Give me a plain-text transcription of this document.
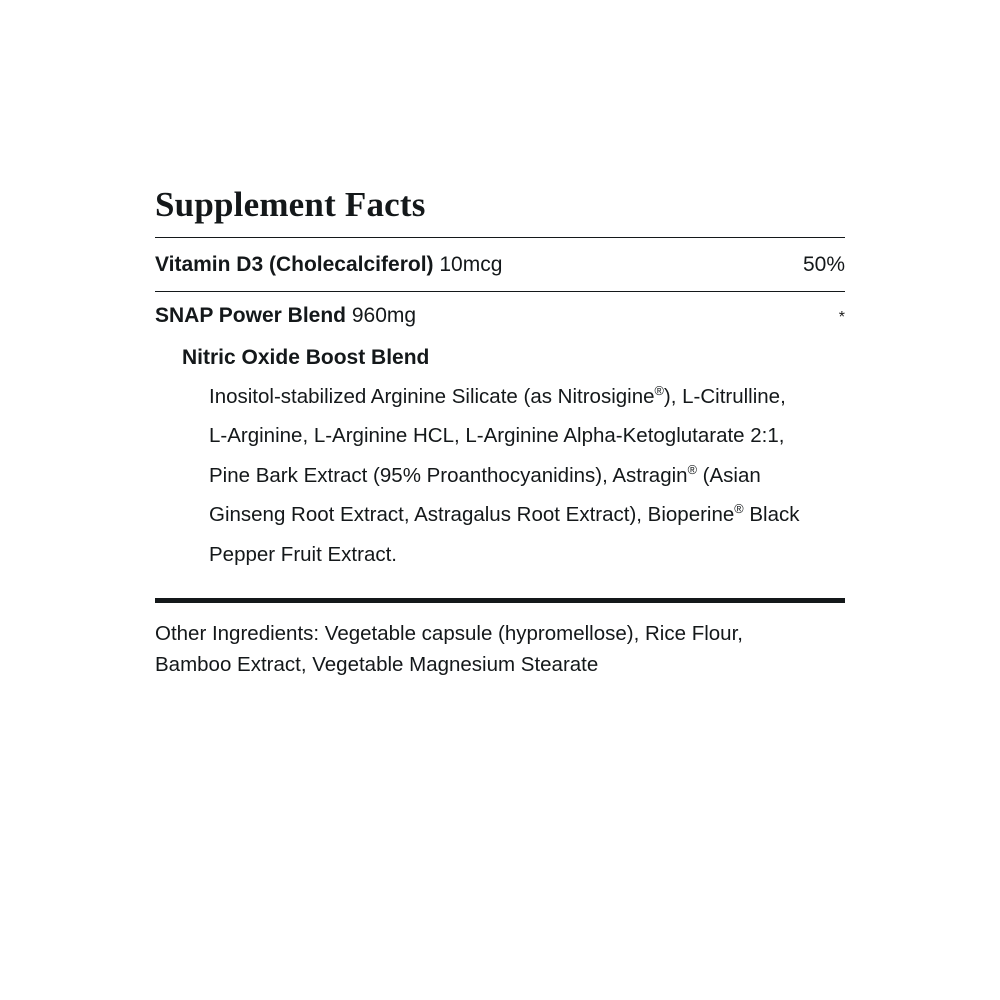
Supplement Facts
Vitamin D3 (Cholecalciferol) 10mcg	50%
SNAP Power Blend 960mg	*
Nitric Oxide Boost Blend
Inositol-stabilized Arginine Silicate (as Nitrosigine®), L-Citrulline, L-Arginine, L-Arginine HCL, L-Arginine Alpha-Ketoglutarate 2:1, Pine Bark Extract (95% Proanthocyanidins), Astragin® (Asian Ginseng Root Extract, Astragalus Root Extract), Bioperine® Black Pepper Fruit Extract.
Other Ingredients: Vegetable capsule (hypromellose), Rice Flour, Bamboo Extract, Vegetable Magnesium Stearate
